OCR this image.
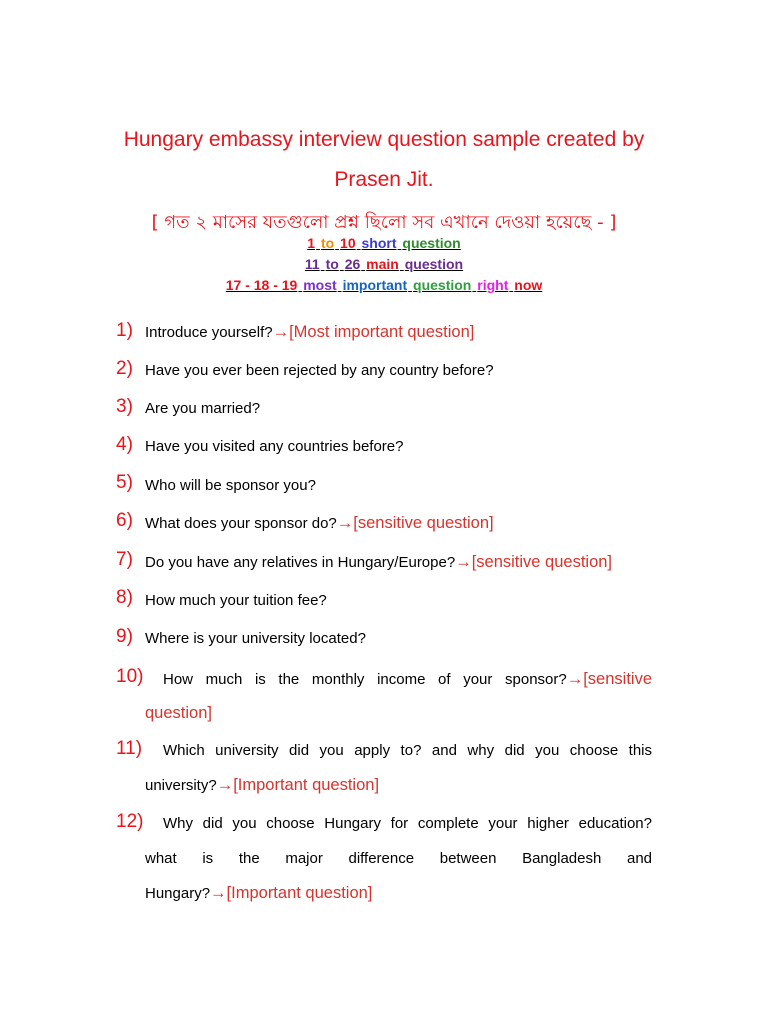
Hungary embassy interview question sample created by
Prasen Jit.
[ গত ২ মাসের যতগুলো প্রশ্ন ছিলো সব এখানে দেওয়া হয়েছে - ]
1 to 10 short question
11 to 26 main question
17 - 18 - 19 most important question right now
1) Introduce yourself?→[Most important question]
2) Have you ever been rejected by any country before?
3) Are you married?
4) Have you visited any countries before?
5) Who will be sponsor you?
6) What does your sponsor do?→[sensitive question]
7) Do you have any relatives in Hungary/Europe?→[sensitive question]
8) How much your tuition fee?
9) Where is your university located?
10) How much is the monthly income of your sponsor?→[sensitive
question]
11) Which university did you apply to? and why did you choose this
university?→[Important question]
12) Why did you choose Hungary for complete your higher education?
what is the major difference between Bangladesh and
Hungary?→[Important question]
